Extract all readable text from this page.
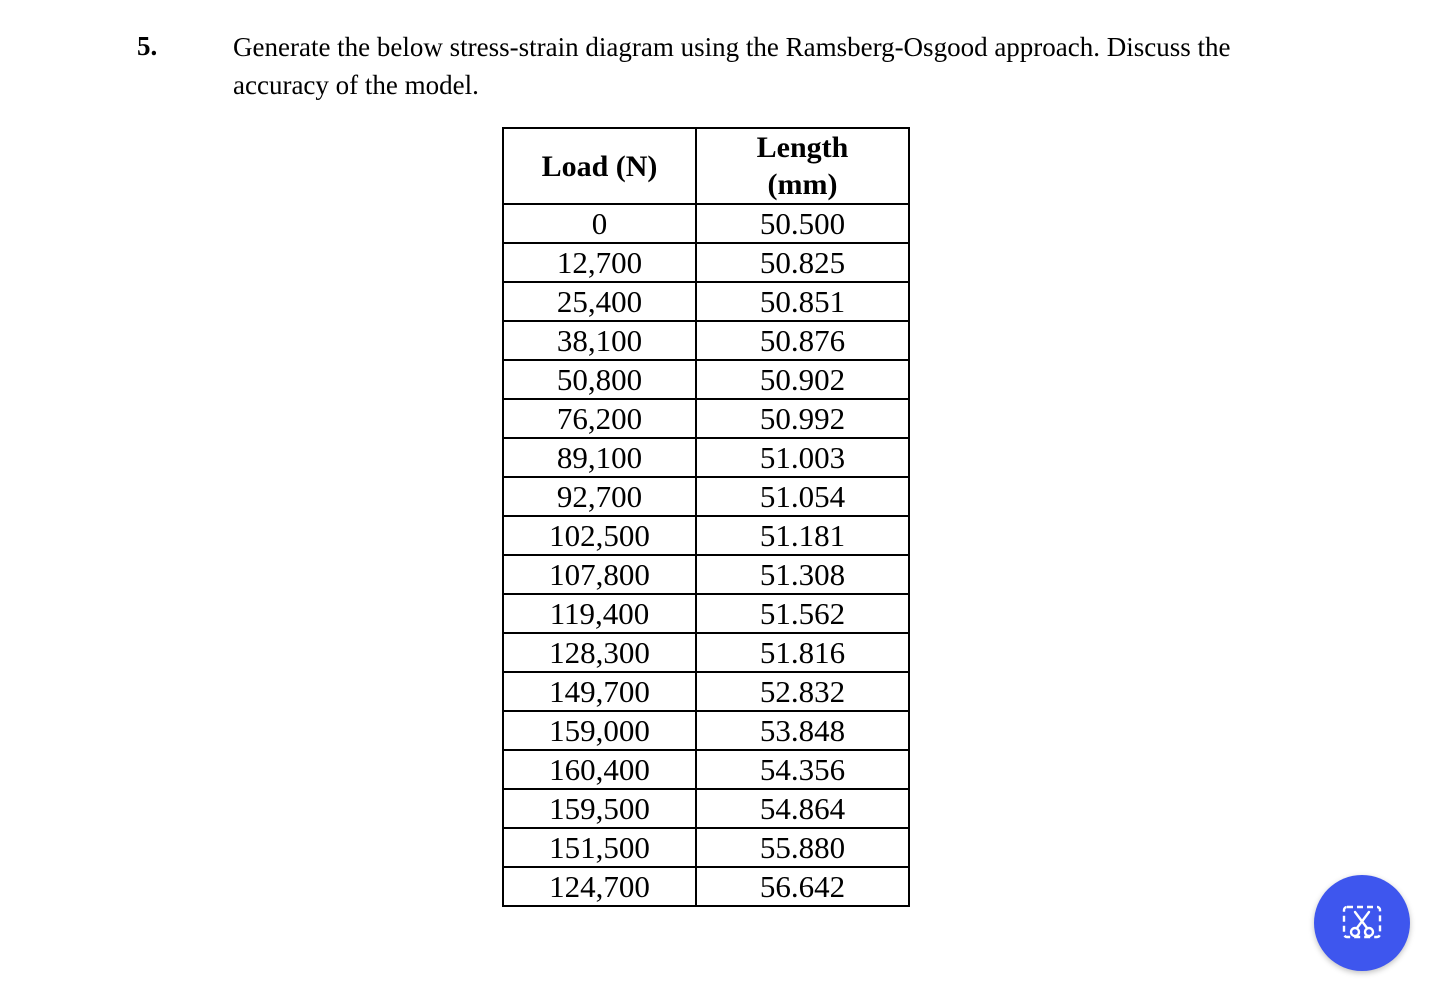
5.	Generate the below stress-strain diagram using the Ramsberg-Osgood approach. Discuss the
accuracy of the model.
Load (N)	Length
(mm)

0	50.500
12,700	50.825
25,400	50.851
38,100	50.876
50,800	50.902
76,200	50.992
89,100	51.003
92,700	51.054
102,500	51.181
107,800	51.308
119,400	51.562
128,300	51.816
149,700	52.832
159,000	53.848
160,400	54.356
159,500	54.864
151,500	55.880
124,700	56.642
